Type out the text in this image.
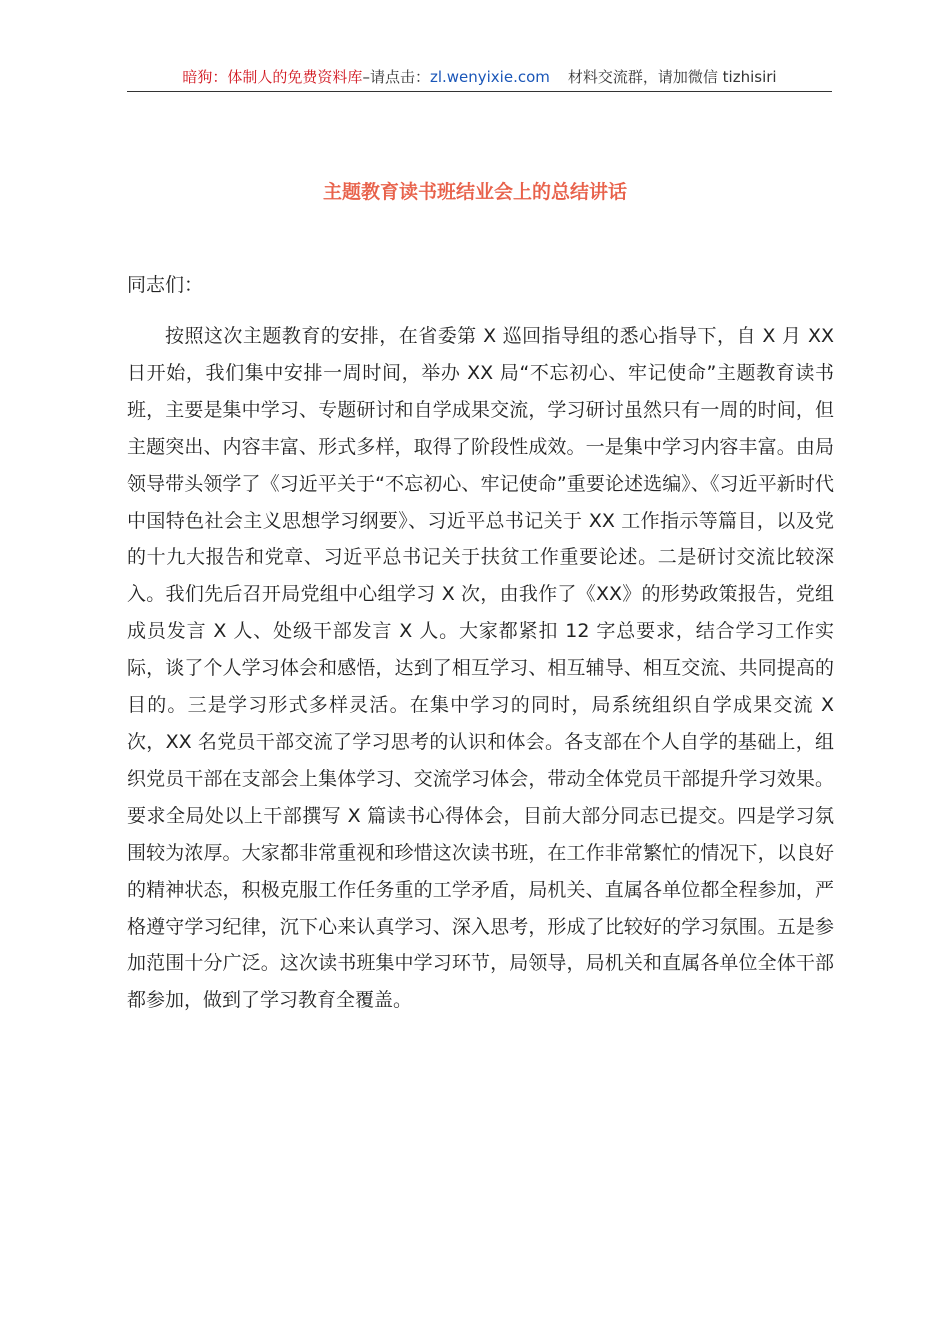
暗狗：体制人的免费资料库–请点击：zl.wenyixie.com 材料交流群，请加微信 tizhisiri
主题教育读书班结业会上的总结讲话
同志们：

按照这次主题教育的安排，在省委第 X 巡回指导组的悉心指导下，自 X 月 XX 日开始，我们集中安排一周时间，举办 XX 局“不忘初心、牢记使命”主题教育读书班，主要是集中学习、专题研讨和自学成果交流，学习研讨虽然只有一周的时间，但主题突出、内容丰富、形式多样，取得了阶段性成效。一是集中学习内容丰富。由局领导带头领学了《习近平关于“不忘初心、牢记使命”重要论述选编》、《习近平新时代中国特色社会主义思想学习纲要》、习近平总书记关于 XX 工作指示等篇目，以及党的十九大报告和党章、习近平总书记关于扶贫工作重要论述。二是研讨交流比较深入。我们先后召开局党组中心组学习 X 次，由我作了《XX》的形势政策报告，党组成员发言 X 人、处级干部发言 X 人。大家都紧扣 12 字总要求，结合学习工作实际，谈了个人学习体会和感悟，达到了相互学习、相互辅导、相互交流、共同提高的目的。三是学习形式多样灵活。在集中学习的同时，局系统组织自学成果交流 X 次，XX 名党员干部交流了学习思考的认识和体会。各支部在个人自学的基础上，组织党员干部在支部会上集体学习、交流学习体会，带动全体党员干部提升学习效果。要求全局处以上干部撰写 X 篇读书心得体会，目前大部分同志已提交。四是学习氛围较为浓厚。大家都非常重视和珍惜这次读书班，在工作非常繁忙的情况下，以良好的精神状态，积极克服工作任务重的工学矛盾，局机关、直属各单位都全程参加，严格遵守学习纪律，沉下心来认真学习、深入思考，形成了比较好的学习氛围。五是参加范围十分广泛。这次读书班集中学习环节，局领导，局机关和直属各单位全体干部都参加，做到了学习教育全覆盖。
